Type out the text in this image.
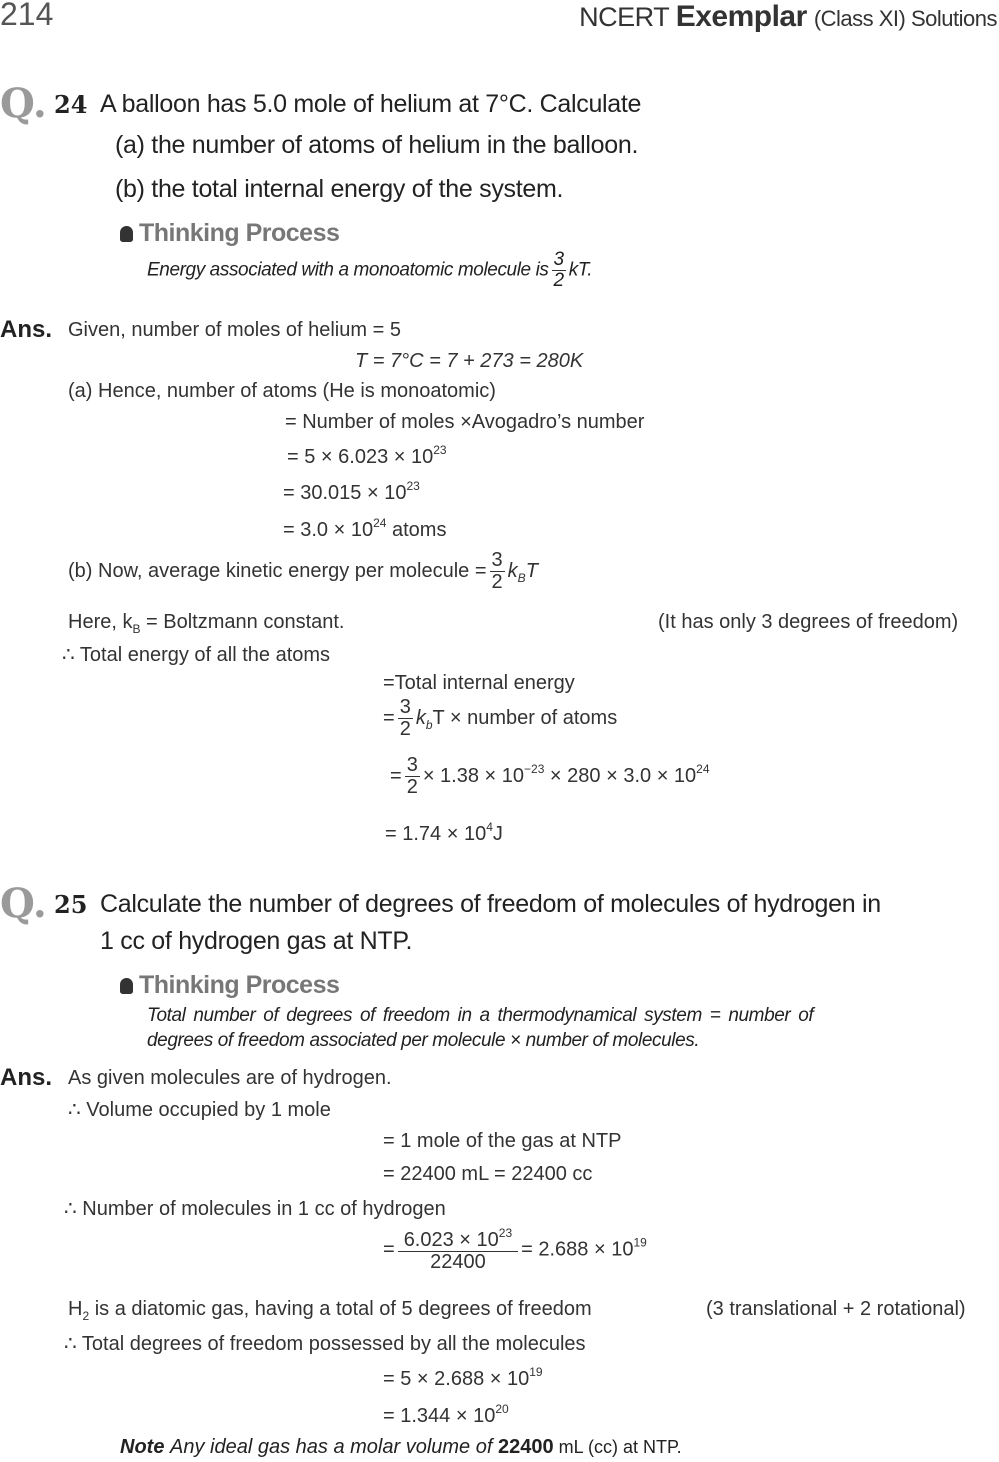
214	NCERT Exemplar (Class XI) Solutions
Q. 24 A balloon has 5.0 mole of helium at 7°C. Calculate
(a) the number of atoms of helium in the balloon.
(b) the total internal energy of the system.
Thinking Process
Energy associated with a monoatomic molecule is $\frac{3}{2}$ kT.
Ans. Given, number of moles of helium = 5
T = 7°C = 7 + 273 = 280K
(a) Hence, number of atoms (He is monoatomic)
= Number of moles ×Avogadro’s number
= $5 \times 6.023 \times 10^{23}$
= $30.015 \times 10^{23}$
= $3.0 \times 10^{24}$ atoms
(b) Now, average kinetic energy per molecule = $\frac{3}{2} k_BT$
Here, $k_B$ = Boltzmann constant.	(It has only 3 degrees of freedom)
∴ Total energy of all the atoms
=Total internal energy
= $\frac{3}{2} k_bT$ × number of atoms
= $\frac{3}{2} \times 1.38 \times 10^{-23} \times 280 \times 3.0 \times 10^{24}$
= $1.74 \times 10^4J$
Q. 25 Calculate the number of degrees of freedom of molecules of hydrogen in
1 cc of hydrogen gas at NTP.
Thinking Process
Total number of degrees of freedom in a thermodynamical system = number of
degrees of freedom associated per molecule × number of molecules.
Ans. As given molecules are of hydrogen.
∴ Volume occupied by 1 mole
= 1 mole of the gas at NTP
= 22400 mL = 22400 cc
∴ Number of molecules in 1 cc of hydrogen
= $\frac{6.023 \times 10^{23}}{22400} = 2.688 \times 10^{19}$
$H_2$ is a diatomic gas, having a total of 5 degrees of freedom	(3 translational + 2 rotational)
∴ Total degrees of freedom possessed by all the molecules
= $5 \times 2.688 \times 10^{19}$
= $1.344 \times 10^{20}$
Note Any ideal gas has a molar volume of 22400 mL (cc) at NTP.
